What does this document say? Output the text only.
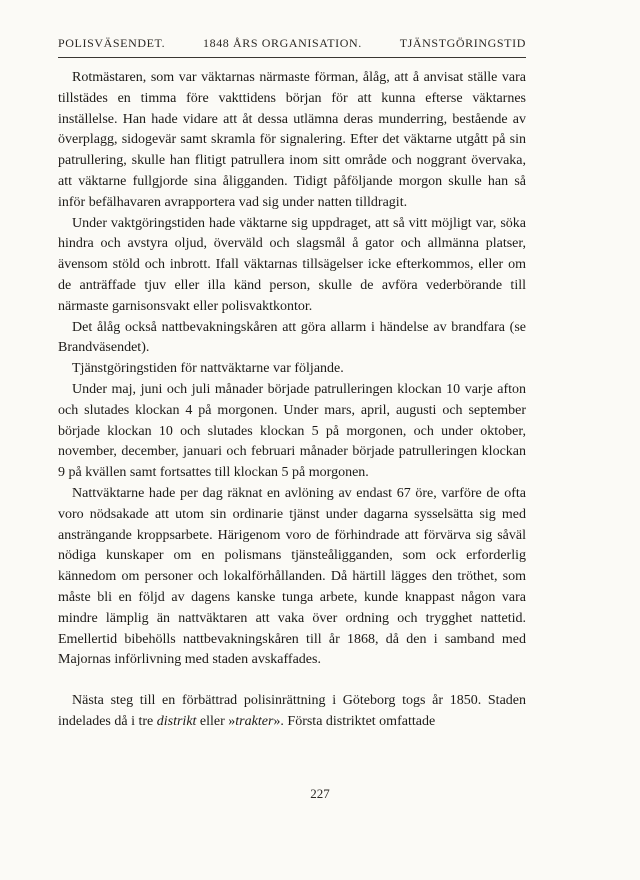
POLISVÄSENDET.	1848 ÅRS ORGANISATION.	TJÄNSTGÖRINGSTID

Rotmästaren, som var väktarnas närmaste förman, ålåg, att å anvisat ställe vara tillstädes en timma före vakttidens början för att kunna efterse väktarnes inställelse. Han hade vidare att åt dessa utlämna deras munderring, bestående av överplagg, sidogevär samt skramla för signalering. Efter det väktarne utgått på sin patrullering, skulle han flitigt patrullera inom sitt område och noggrant övervaka, att väktarne fullgjorde sina åligganden. Tidigt påföljande morgon skulle han så inför befälhavaren avrapportera vad sig under natten tilldragit.

Under vaktgöringstiden hade väktarne sig uppdraget, att så vitt möjligt var, söka hindra och avstyra oljud, överväld och slagsmål å gator och allmänna platser, ävensom stöld och inbrott. Ifall väktarnas tillsägelser icke efterkommos, eller om de anträffade tjuv eller illa känd person, skulle de avföra vederbörande till närmaste garnisonsvakt eller polisvaktkontor.

Det ålåg också nattbevakningskåren att göra allarm i händelse av brandfara (se Brandväsendet).

Tjänstgöringstiden för nattväktarne var följande.

Under maj, juni och juli månader började patrulleringen klockan 10 varje afton och slutades klockan 4 på morgonen. Under mars, april, augusti och september började klockan 10 och slutades klockan 5 på morgonen, och under oktober, november, december, januari och februari månader började patrulleringen klockan 9 på kvällen samt fortsattes till klockan 5 på morgonen.

Nattväktarne hade per dag räknat en avlöning av endast 67 öre, varföre de ofta voro nödsakade att utom sin ordinarie tjänst under dagarna sysselsätta sig med ansträngande kroppsarbete. Härigenom voro de förhindrade att förvärva sig såväl nödiga kunskaper om en polismans tjänsteåligganden, som ock erforderlig kännedom om personer och lokalförhållanden. Då härtill lägges den tröthet, som måste bli en följd av dagens kanske tunga arbete, kunde knappast någon vara mindre lämplig än nattväktaren att vaka över ordning och trygghet nattetid. Emellertid bibehölls nattbevakningskåren till år 1868, då den i samband med Majornas införlivning med staden avskaffades.

Nästa steg till en förbättrad polisinrättning i Göteborg togs år 1850. Staden indelades då i tre distrikt eller »trakter». Första distriktet omfattade

227
